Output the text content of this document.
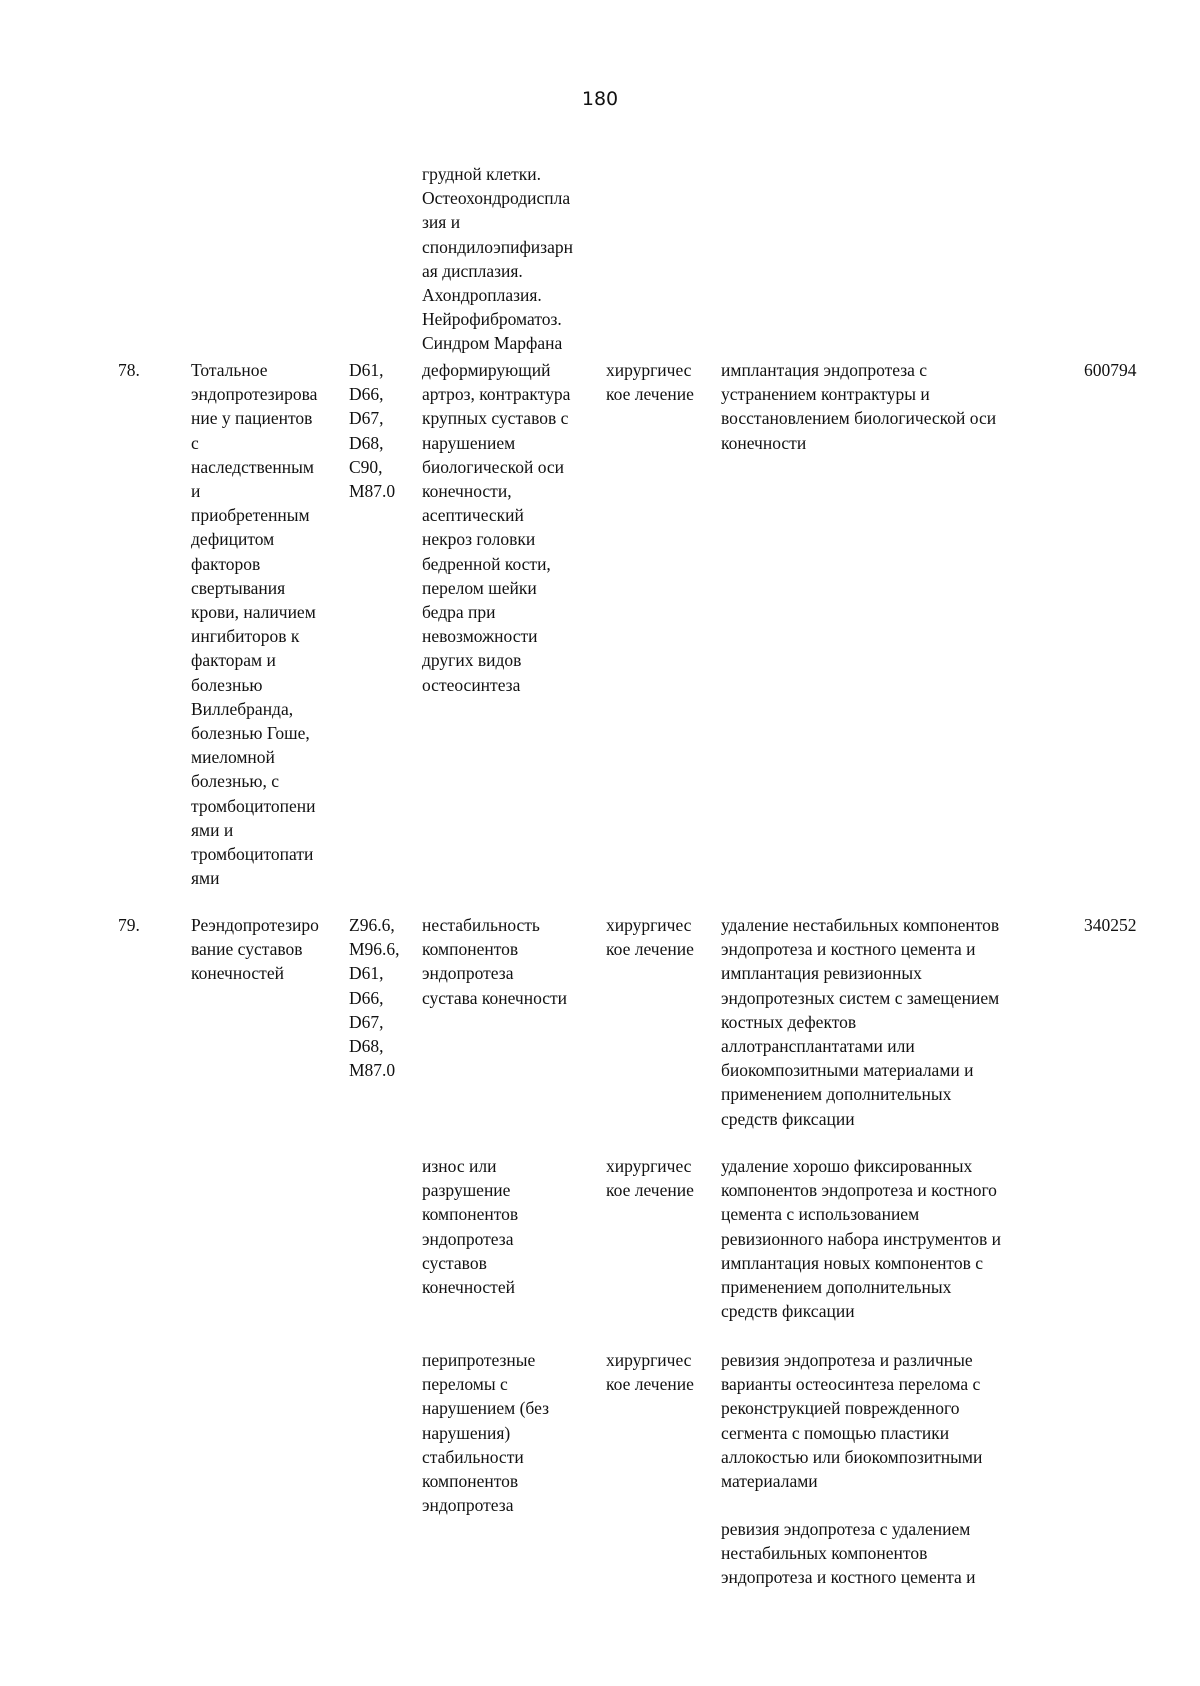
180
грудной клетки.
Остеохондродиспла
зия и
спондилоэпифизарн
ая дисплазия.
Ахондроплазия.
Нейрофиброматоз.
Синдром Марфана
78.	Тотальное
эндопротезирова
ние у пациентов
с
наследственным
и
приобретенным
дефицитом
факторов
свертывания
крови, наличием
ингибиторов к
факторам и
болезнью
Виллебранда,
болезнью Гоше,
миеломной
болезнью, с
тромбоцитопени
ями и
тромбоцитопати
ями
D61,
D66,
D67,
D68,
C90,
M87.0
деформирующий
артроз, контрактура
крупных суставов с
нарушением
биологической оси
конечности,
асептический
некроз головки
бедренной кости,
перелом шейки
бедра при
невозможности
других видов
остеосинтеза
хирургичес
кое лечение
имплантация эндопротеза с
устранением контрактуры и
восстановлением биологической оси
конечности
600794
79.	Реэндопротезиро
вание суставов
конечностей
Z96.6,
M96.6,
D61,
D66,
D67,
D68,
M87.0
340252
нестабильность
компонентов
эндопротеза
сустава конечности
хирургичес
кое лечение
удаление нестабильных компонентов
эндопротеза и костного цемента и
имплантация ревизионных
эндопротезных систем с замещением
костных дефектов
аллотрансплантатами или
биокомпозитными материалами и
применением дополнительных
средств фиксации
износ или
разрушение
компонентов
эндопротеза
суставов
конечностей
хирургичес
кое лечение
удаление хорошо фиксированных
компонентов эндопротеза и костного
цемента с использованием
ревизионного набора инструментов и
имплантация новых компонентов с
применением дополнительных
средств фиксации
перипротезные
переломы с
нарушением (без
нарушения)
стабильности
компонентов
эндопротеза
хирургичес
кое лечение
ревизия эндопротеза и различные
варианты остеосинтеза перелома с
реконструкцией поврежденного
сегмента с помощью пластики
аллокостью или биокомпозитными
материалами
ревизия эндопротеза с удалением
нестабильных компонентов
эндопротеза и костного цемента и
